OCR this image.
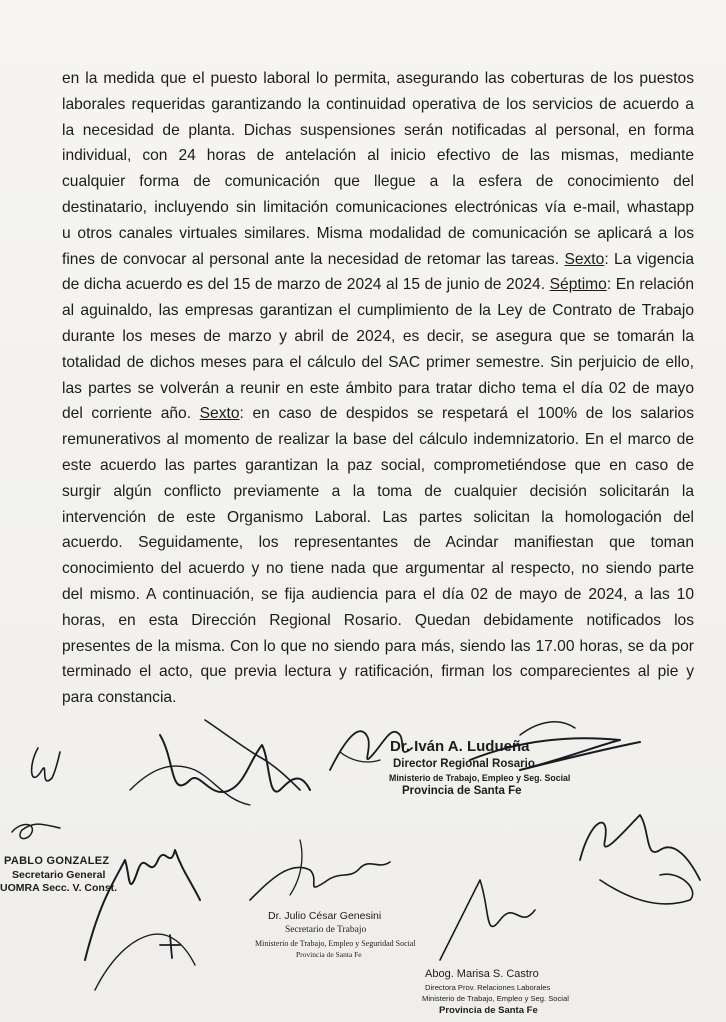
en la medida que el puesto laboral lo permita, asegurando las coberturas de los puestos
laborales requeridas garantizando la continuidad operativa de los servicios de acuerdo a
la necesidad de planta. Dichas suspensiones serán notificadas al personal, en forma
individual, con 24 horas de antelación al inicio efectivo de las mismas, mediante
cualquier forma de comunicación que llegue a la esfera de conocimiento del
destinatario, incluyendo sin limitación comunicaciones electrónicas vía e-mail, whastapp
u otros canales virtuales similares. Misma modalidad de comunicación se aplicará a los
fines de convocar al personal ante la necesidad de retomar las tareas. Sexto: La vigencia
de dicha acuerdo es del 15 de marzo de 2024 al 15 de junio de 2024. Séptimo: En relación
al aguinaldo, las empresas garantizan el cumplimiento de la Ley de Contrato de Trabajo
durante los meses de marzo y abril de 2024, es decir, se asegura que se tomarán la
totalidad de dichos meses para el cálculo del SAC primer semestre. Sin perjuicio de ello,
las partes se volverán a reunir en este ámbito para tratar dicho tema el día 02 de mayo
del corriente año. Sexto: en caso de despidos se respetará el 100% de los salarios
remunerativos al momento de realizar la base del cálculo indemnizatorio. En el marco de
este acuerdo las partes garantizan la paz social, comprometiéndose que en caso de
surgir algún conflicto previamente a la toma de cualquier decisión solicitarán la
intervención de este Organismo Laboral. Las partes solicitan la homologación del
acuerdo. Seguidamente, los representantes de Acindar manifiestan que toman
conocimiento del acuerdo y no tiene nada que argumentar al respecto, no siendo parte
del mismo. A continuación, se fija audiencia para el día 02 de mayo de 2024, a las 10
horas, en esta Dirección Regional Rosario. Quedan debidamente notificados los
presentes de la misma. Con lo que no siendo para más, siendo las 17.00 horas, se da por
terminado el acto, que previa lectura y ratificación, firman los comparecientes al pie y
para constancia.
Dr. Iván A. Ludueña
Director Regional Rosario
Ministerio de Trabajo, Empleo y Seg. Social
Provincia de Santa Fe
PABLO GONZALEZ
Secretario General
UOMRA Secc. V. Const.
Dr. Julio César Genesini
Secretario de Trabajo
Ministerio de Trabajo, Empleo y Seguridad Social
Provincia de Santa Fe
Abog. Marisa S. Castro
Directora Prov. Relaciones Laborales
Ministerio de Trabajo, Empleo y Seg. Social
Provincia de Santa Fe
